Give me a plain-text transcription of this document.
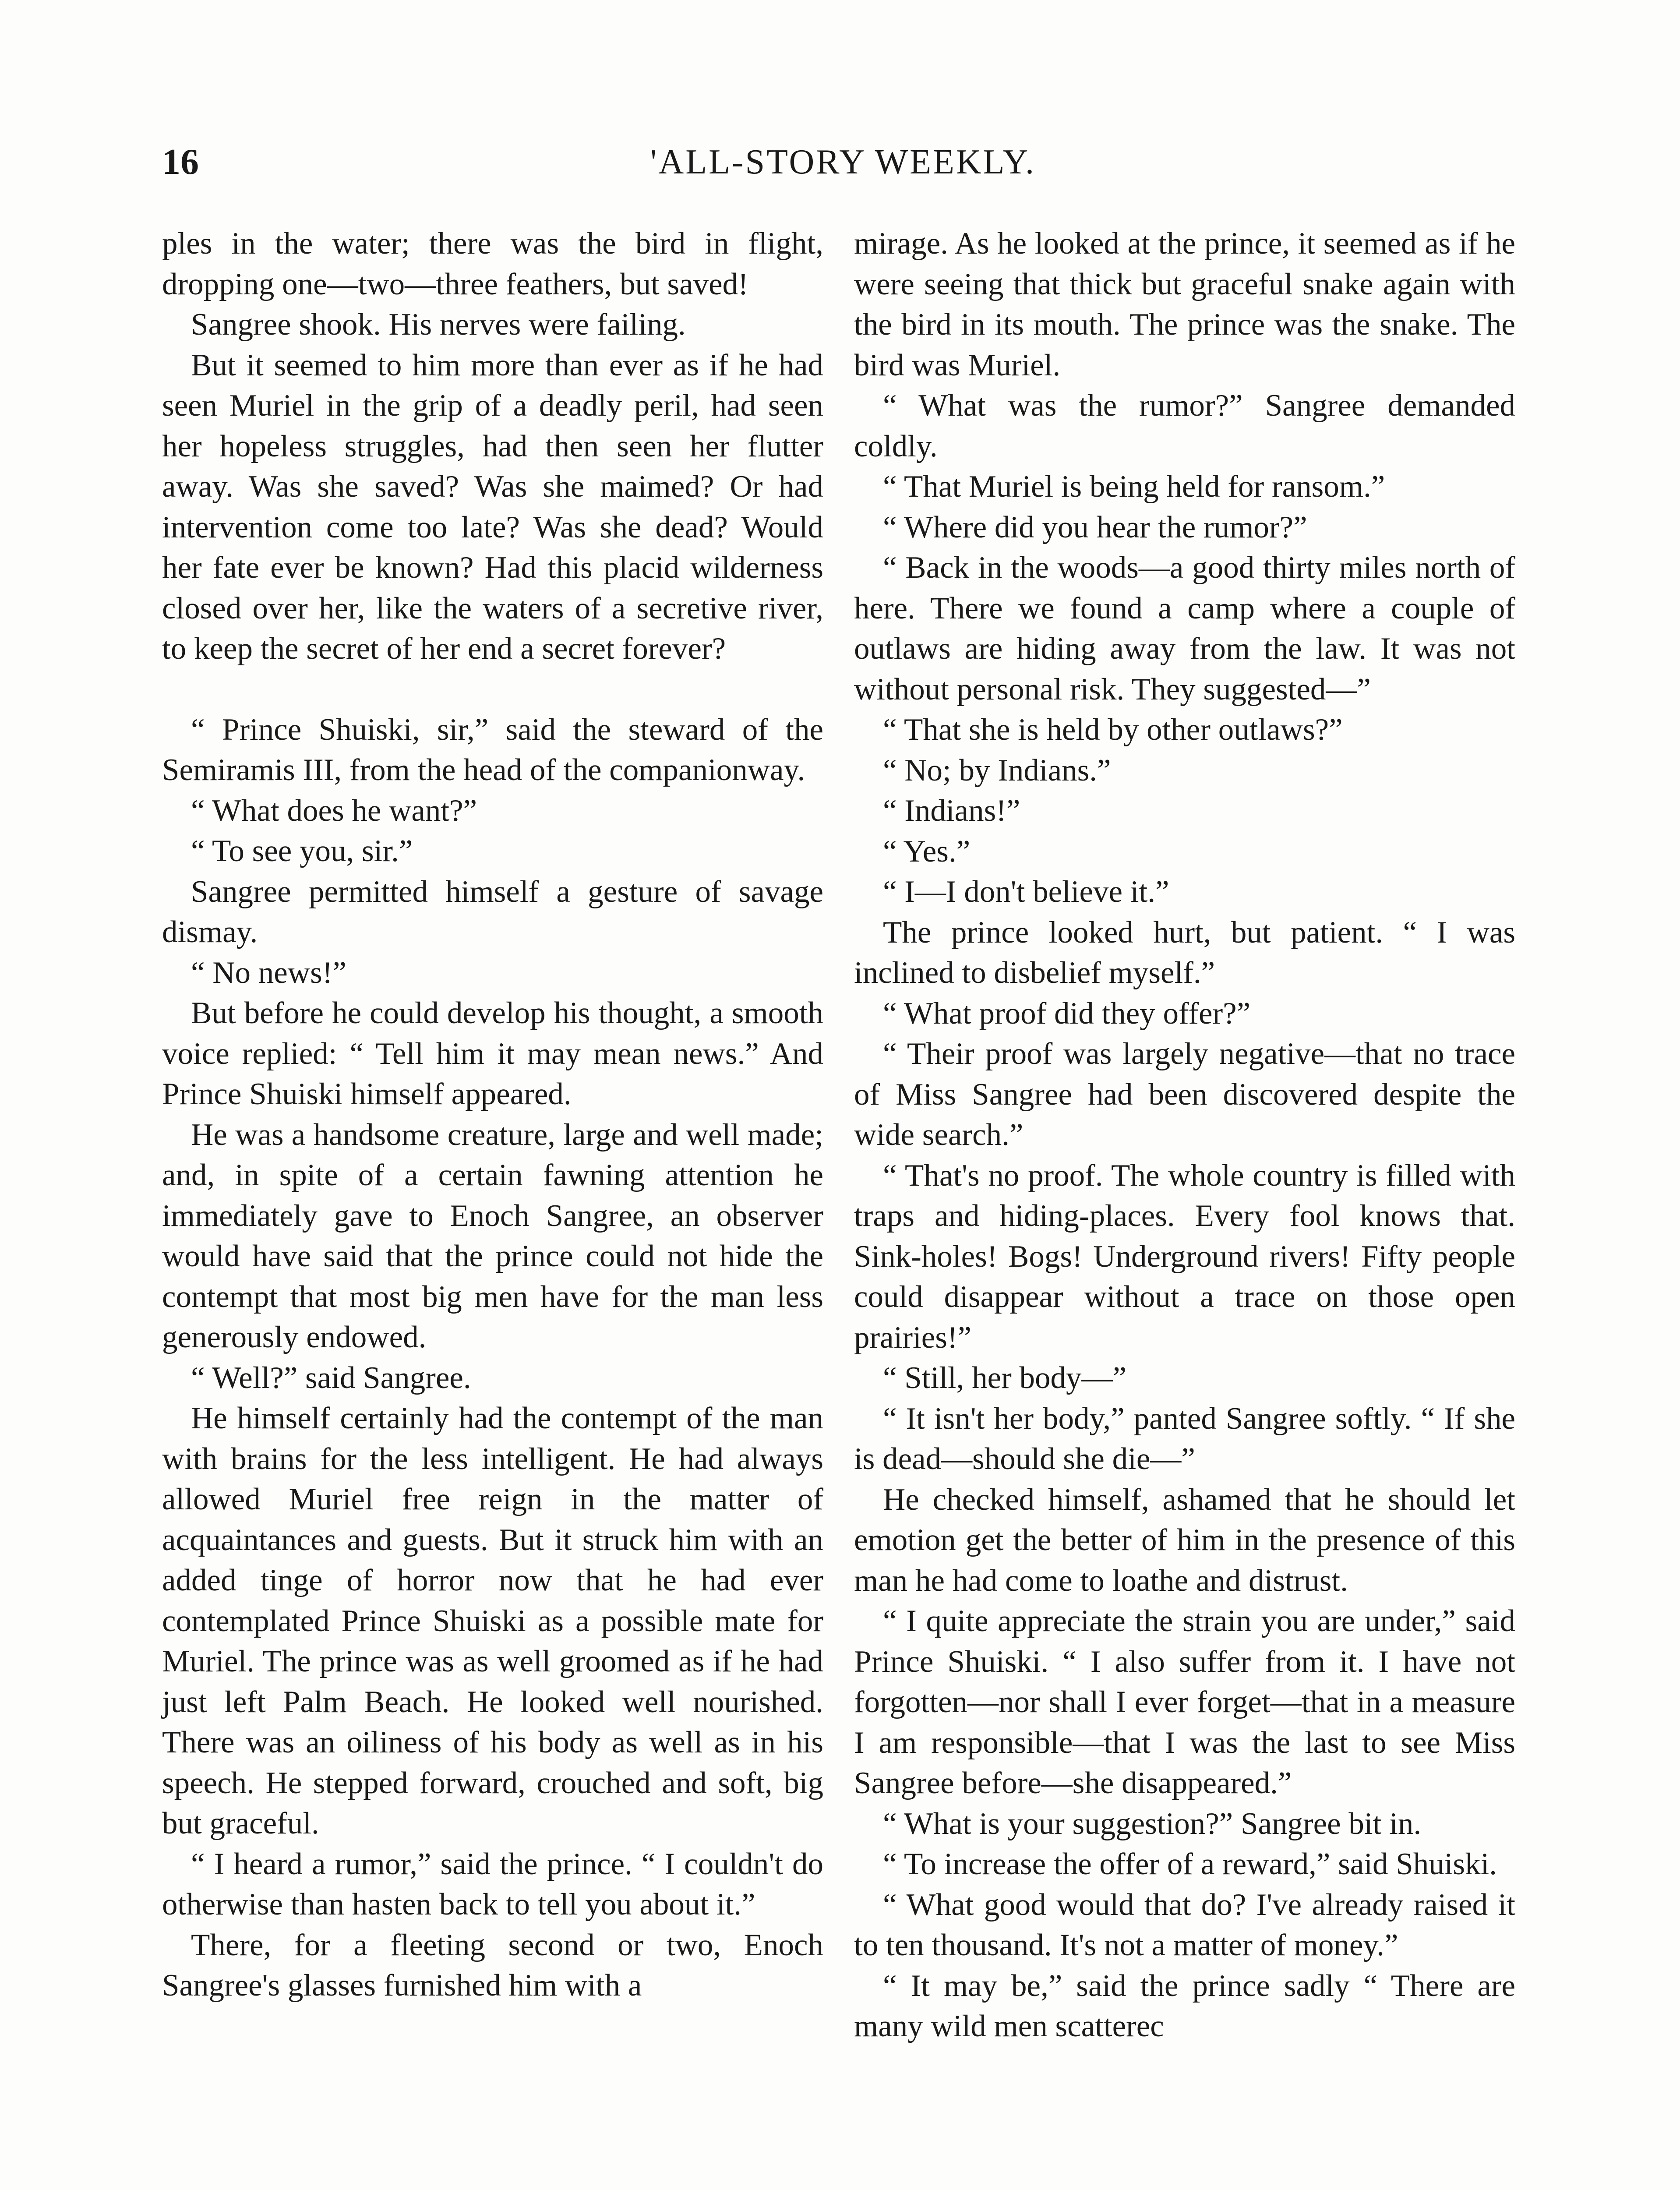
16	'ALL-STORY WEEKLY.

ples in the water; there was the bird in flight, dropping one—two—three feathers, but saved!

Sangree shook. His nerves were failing.

But it seemed to him more than ever as if he had seen Muriel in the grip of a deadly peril, had seen her hopeless struggles, had then seen her flutter away. Was she saved? Was she maimed? Or had intervention come too late? Was she dead? Would her fate ever be known? Had this placid wilderness closed over her, like the waters of a secretive river, to keep the secret of her end a secret forever?

“ Prince Shuiski, sir,” said the steward of the Semiramis III, from the head of the companionway.

“ What does he want?”

“ To see you, sir.”

Sangree permitted himself a gesture of savage dismay.

“ No news!”

But before he could develop his thought, a smooth voice replied: “ Tell him it may mean news.” And Prince Shuiski himself appeared.

He was a handsome creature, large and well made; and, in spite of a certain fawning attention he immediately gave to Enoch Sangree, an observer would have said that the prince could not hide the contempt that most big men have for the man less generously endowed.

“ Well?” said Sangree.

He himself certainly had the contempt of the man with brains for the less intelligent. He had always allowed Muriel free reign in the matter of acquaintances and guests. But it struck him with an added tinge of horror now that he had ever contemplated Prince Shuiski as a possible mate for Muriel. The prince was as well groomed as if he had just left Palm Beach. He looked well nourished. There was an oiliness of his body as well as in his speech. He stepped forward, crouched and soft, big but graceful.

“ I heard a rumor,” said the prince. “ I couldn't do otherwise than hasten back to tell you about it.”

There, for a fleeting second or two, Enoch Sangree's glasses furnished him with a

mirage. As he looked at the prince, it seemed as if he were seeing that thick but graceful snake again with the bird in its mouth. The prince was the snake. The bird was Muriel.

“ What was the rumor?” Sangree demanded coldly.

“ That Muriel is being held for ransom.”

“ Where did you hear the rumor?”

“ Back in the woods—a good thirty miles north of here. There we found a camp where a couple of outlaws are hiding away from the law. It was not without personal risk. They suggested—”

“ That she is held by other outlaws?”

“ No; by Indians.”

“ Indians!”

“ Yes.”

“ I—I don't believe it.”

The prince looked hurt, but patient. “ I was inclined to disbelief myself.”

“ What proof did they offer?”

“ Their proof was largely negative—that no trace of Miss Sangree had been discovered despite the wide search.”

“ That's no proof. The whole country is filled with traps and hiding-places. Every fool knows that. Sink-holes! Bogs! Underground rivers! Fifty people could disappear without a trace on those open prairies!”

“ Still, her body—”

“ It isn't her body,” panted Sangree softly. “ If she is dead—should she die—”

He checked himself, ashamed that he should let emotion get the better of him in the presence of this man he had come to loathe and distrust.

“ I quite appreciate the strain you are under,” said Prince Shuiski. “ I also suffer from it. I have not forgotten—nor shall I ever forget—that in a measure I am responsible—that I was the last to see Miss Sangree before—she disappeared.”

“ What is your suggestion?” Sangree bit in.

“ To increase the offer of a reward,” said Shuiski.

“ What good would that do? I've already raised it to ten thousand. It's not a matter of money.”

“ It may be,” said the prince sadly “ There are many wild men scatterec
